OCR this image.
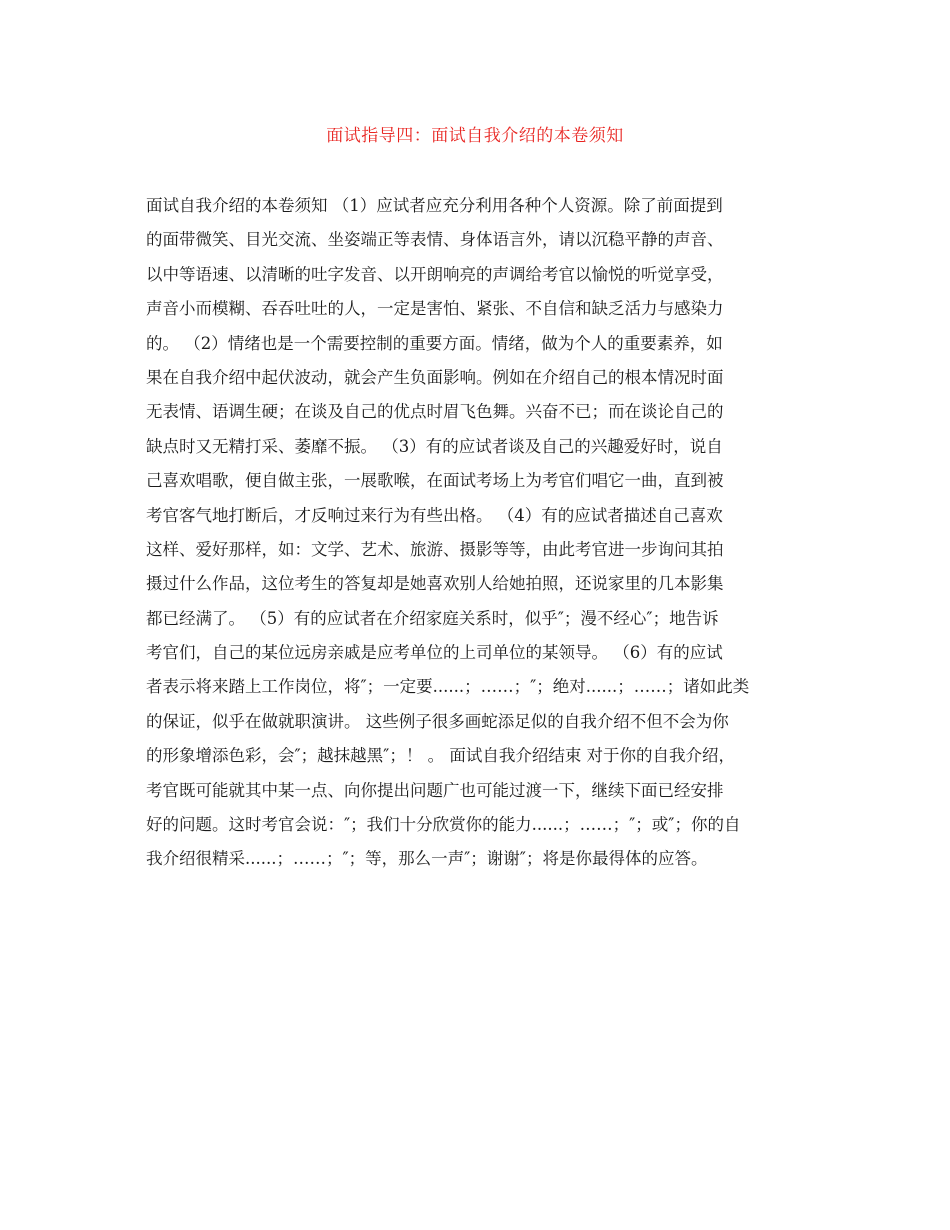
面试指导四：面试自我介绍的本卷须知
面试自我介绍的本卷须知 （1）应试者应充分利用各种个人资源。除了前面提到
的面带微笑、目光交流、坐姿端正等表情、身体语言外，请以沉稳平静的声音、
以中等语速、以清晰的吐字发音、以开朗响亮的声调给考官以愉悦的听觉享受，
声音小而模糊、吞吞吐吐的人，一定是害怕、紧张、不自信和缺乏活力与感染力
的。 （2）情绪也是一个需要控制的重要方面。情绪，做为个人的重要素养，如
果在自我介绍中起伏波动，就会产生负面影响。例如在介绍自己的根本情况时面
无表情、语调生硬；在谈及自己的优点时眉飞色舞。兴奋不已；而在谈论自己的
缺点时又无精打采、萎靡不振。 （3）有的应试者谈及自己的兴趣爱好时，说自
己喜欢唱歌，便自做主张，一展歌喉，在面试考场上为考官们唱它一曲，直到被
考官客气地打断后，才反响过来行为有些出格。 （4）有的应试者描述自己喜欢
这样、爱好那样，如：文学、艺术、旅游、摄影等等，由此考官进一步询问其拍
摄过什么作品，这位考生的答复却是她喜欢别人给她拍照，还说家里的几本影集
都已经满了。 （5）有的应试者在介绍家庭关系时，似乎″；漫不经心″；地告诉
考官们，自己的某位远房亲戚是应考单位的上司单位的某领导。 （6）有的应试
者表示将来踏上工作岗位，将″；一定要......；……；″；绝对......；……；诸如此类
的保证，似乎在做就职演讲。 这些例子很多画蛇添足似的自我介绍不但不会为你
的形象增添色彩，会″；越抹越黑″；！ 。 面试自我介绍结束 对于你的自我介绍，
考官既可能就其中某一点、向你提出问题广也可能过渡一下，继续下面已经安排
好的问题。这时考官会说：″；我们十分欣赏你的能力......；……；″；或″；你的自
我介绍很精采......；……；″；等，那么一声″；谢谢″；将是你最得体的应答。
